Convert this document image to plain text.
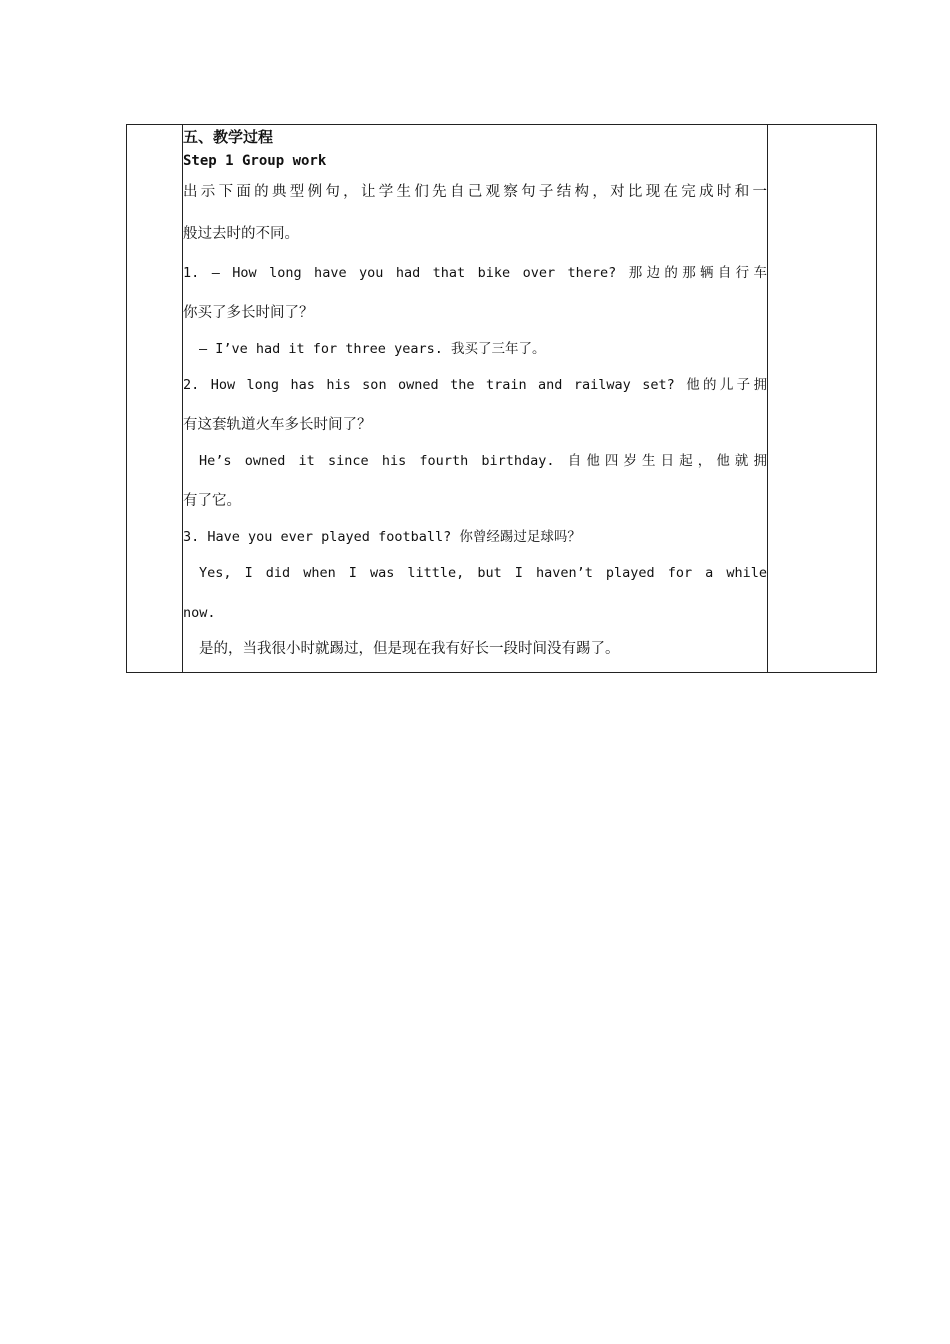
五、教学过程
Step 1 Group work
出示下面的典型例句，让学生们先自己观察句子结构，对比现在完成时和一
般过去时的不同。
1. — How long have you had that bike over there? 那边的那辆自行车
你买了多长时间了？
— I’ve had it for three years. 我买了三年了。
2. How long has his son owned the train and railway set? 他的儿子拥
有这套轨道火车多长时间了？
He’s owned it since his fourth birthday. 自他四岁生日起，他就拥
有了它。
3. Have you ever played football? 你曾经踢过足球吗？
Yes, I did when I was little, but I haven’t played for a while
now.
是的，当我很小时就踢过，但是现在我有好长一段时间没有踢了。
